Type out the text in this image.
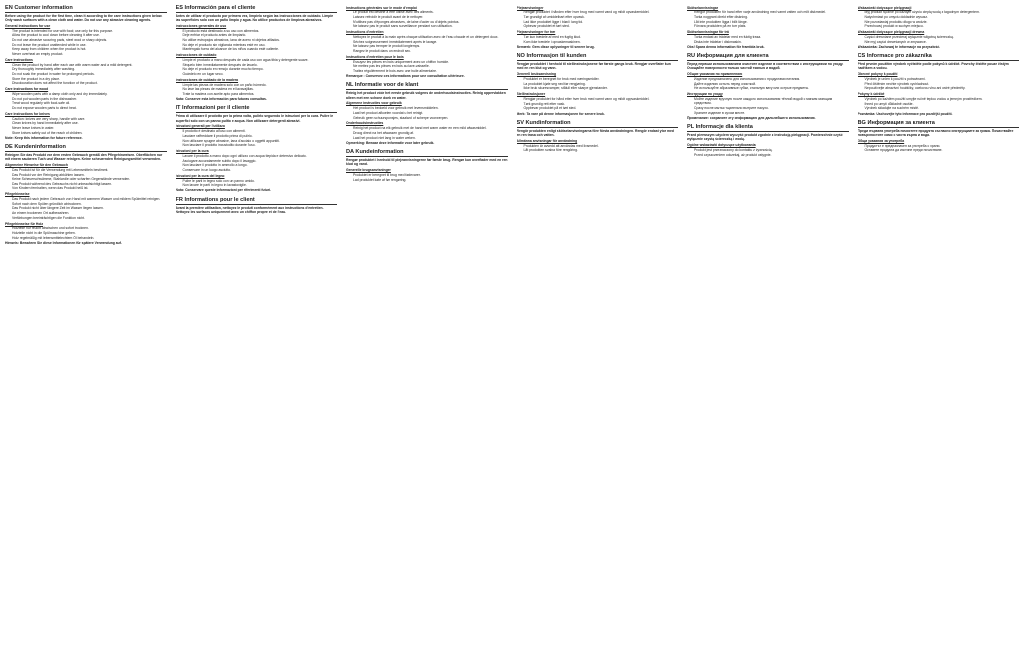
EN Customer information
Before using the product for the first time, clean it according to the care instructions given below. Only wash surfaces with a clean cloth and water. Do not use any abrasive cleaning agents.
General instructions for use
• The product is intended for use with food; use only for this purpose.
• Allow the product to cool down before cleaning it after use.
• Do not use abrasive scouring pads, steel wool or sharp objects.
• Do not leave the product unattended while in use.
• Keep away from children when the product is hot.
• Never overheat an empty product.
Care instructions
• Clean the product by hand after each use with warm water and a mild detergent.
• Dry thoroughly immediately after washing.
• Do not soak the product in water for prolonged periods.
• Store the product in a dry place.
• Discolouration does not affect the function of the product.
Care instructions for wood
• Wipe wooden parts with a damp cloth only and dry immediately.
• Do not put wooden parts in the dishwasher.
• Treat wood regularly with food-safe oil.
• Do not expose wooden parts to direct heat.
Care instructions for knives
• Caution: knives are very sharp, handle with care.
• Clean knives by hand immediately after use.
• Never leave knives in water.
• Store knives safely out of the reach of children.
Note: Keep this information for future reference.
DE Kundeninformation
Reinigen Sie das Produkt vor dem ersten Gebrauch gemäß den Pflegehinweisen. Oberflächen nur mit einem sauberen Tuch und Wasser reinigen. Keine scheuernden Reinigungsmittel verwenden.
Allgemeine Hinweise für den Gebrauch
• Das Produkt ist für die Verwendung mit Lebensmitteln bestimmt.
• Das Produkt vor der Reinigung abkühlen lassen.
• Keine Scheuerschwämme, Stahlwolle oder scharfen Gegenstände verwenden.
• Das Produkt während des Gebrauchs nicht unbeaufsichtigt lassen.
• Von Kindern fernhalten, wenn das Produkt heiß ist.
Pflegehinweise
• Das Produkt nach jedem Gebrauch von Hand mit warmem Wasser und mildem Spülmittel reinigen.
• Sofort nach dem Spülen gründlich abtrocknen.
• Das Produkt nicht über längere Zeit im Wasser liegen lassen.
• An einem trockenen Ort aufbewahren.
• Verfärbungen beeinträchtigen die Funktion nicht.
Pflegehinweise für Holz
• Holzteile nur feucht abwischen und sofort trocknen.
• Holzteile nicht in die Spülmaschine geben.
• Holz regelmäßig mit lebensmittelechtem Öl behandeln.
Hinweis: Bewahren Sie diese Informationen für spätere Verwendung auf.
ES Información para el cliente
Antes de utilizar el producto por primera vez, límpielo según las instrucciones de cuidado. Limpie las superficies solo con un paño limpio y agua. No utilice productos de limpieza abrasivos.
Instrucciones generales de uso
• El producto está destinado a su uso con alimentos.
• Deje enfriar el producto antes de limpiarlo.
• No utilice estropajos abrasivos, lana de acero ni objetos afilados.
• No deje el producto sin vigilancia mientras esté en uso.
• Manténgalo fuera del alcance de los niños cuando esté caliente.
Instrucciones de cuidado
• Limpie el producto a mano después de cada uso con agua tibia y detergente suave.
• Séquelo bien inmediatamente después de lavarlo.
• No deje el producto en remojo durante mucho tiempo.
• Guárdelo en un lugar seco.
Instrucciones de cuidado de la madera
• Limpie las piezas de madera solo con un paño húmedo.
• No lave las piezas de madera en el lavavajillas.
• Trate la madera con aceite apto para alimentos.
Nota: Conserve esta información para futuras consultas.
IT Informazioni per il cliente
Prima di utilizzare il prodotto per la prima volta, pulirlo seguendo le istruzioni per la cura. Pulire le superfici solo con un panno pulito e acqua. Non utilizzare detergenti abrasivi.
Istruzioni generali per l'utilizzo
• Il prodotto è destinato all'uso con alimenti.
• Lasciare raffreddare il prodotto prima di pulirlo.
• Non utilizzare spugne abrasive, lana d'acciaio o oggetti appuntiti.
• Non lasciare il prodotto incustodito durante l'uso.
Istruzioni per la cura
• Lavare il prodotto a mano dopo ogni utilizzo con acqua tiepida e detersivo delicato.
• Asciugare accuratamente subito dopo il lavaggio.
• Non lasciare il prodotto in ammollo a lungo.
• Conservare in un luogo asciutto.
Istruzioni per la cura del legno
• Pulire le parti in legno solo con un panno umido.
• Non lavare le parti in legno in lavastoviglie.
Nota: Conservare queste informazioni per riferimenti futuri.
FR Informations pour le client
Avant la première utilisation, nettoyez le produit conformément aux instructions d'entretien. Nettoyez les surfaces uniquement avec un chiffon propre et de l'eau.
Instructions générales sur le mode d'emploi
• Le produit est destiné à être utilisé avec des aliments.
• Laissez refroidir le produit avant de le nettoyer.
• N'utilisez pas d'éponges abrasives, de laine d'acier ou d'objets pointus.
• Ne laissez pas le produit sans surveillance pendant son utilisation.
Instructions d'entretien
• Nettoyez le produit à la main après chaque utilisation avec de l'eau chaude et un détergent doux.
• Séchez soigneusement immédiatement après le lavage.
• Ne laissez pas tremper le produit longtemps.
• Rangez le produit dans un endroit sec.
Instructions d'entretien pour le bois
• Essuyez les pièces en bois uniquement avec un chiffon humide.
• Ne mettez pas les pièces en bois au lave-vaisselle.
• Traitez régulièrement le bois avec une huile alimentaire.
Remarque : Conservez ces informations pour une consultation ultérieure.
NL Informatie voor de klant
Reinig het product vóór het eerste gebruik volgens de onderhoudsinstructies. Reinig oppervlakken alleen met een schone doek en water.
Algemene instructies voor gebruik
• Het product is bedoeld voor gebruik met levensmiddelen.
• Laat het product afkoelen voordat u het reinigt.
• Gebruik geen schuursponsjes, staalwol of scherpe voorwerpen.
Onderhoudsinstructies
• Reinig het product na elk gebruik met de hand met warm water en een mild afwasmiddel.
• Droog direct na het afwassen grondig af.
• Laat het product niet lang in water weken.
Opmerking: Bewaar deze informatie voor later gebruik.
DA Kundeinformation
Rengør produktet i henhold til plejeanvisningerne før første brug. Rengør kun overflader med en ren klud og vand.
Generelle brugsanvisninger
• Produktet er beregnet til brug med fødevarer.
• Lad produktet køle af før rengøring.
Plejeanvisninger
• Rengør produktet i hånden efter hver brug med varmt vand og mildt opvaskemiddel.
• Tør grundigt af umiddelbart efter opvask.
• Lad ikke produktet ligge i blød i lang tid.
• Opbevar produktet et tørt sted.
Plejeanvisninger for træ
• Tør kun trædele af med en fugtig klud.
• Kom ikke trædele i opvaskemaskinen.
Bemærk: Gem disse oplysninger til senere brug.
NO Informasjon til kunden
Rengjør produktet i henhold til stellinstruksjonene før første gangs bruk. Rengjør overflater kun med en ren klut og vann.
Generell bruksanvisning
• Produktet er beregnet for bruk med næringsmidler.
• La produktet kjøle seg ned før rengjøring.
• Ikke bruk skuresvamper, stålull eller skarpe gjenstander.
Stellinstruksjoner
• Rengjør produktet for hånd etter hver bruk med varmt vann og mildt oppvaskmiddel.
• Tørk grundig rett etter vask.
• Oppbevar produktet på et tørt sted.
Merk: Ta vare på denne informasjonen for senere bruk.
SV Kundinformation
Rengör produkten enligt skötselanvisningarna före första användningen. Rengör endast ytor med en ren trasa och vatten.
Allmänna anvisningar för användning
• Produkten är avsedd att användas med livsmedel.
• Låt produkten svalna före rengöring.
Skötselanvisningar
• Rengör produkten för hand efter varje användning med varmt vatten och milt diskmedel.
• Torka noggrant direkt efter diskning.
• Låt inte produkten ligga i blöt länge.
• Förvara produkten på en torr plats.
Skötselanvisningar för trä
• Torka endast av trädelar med en fuktig trasa.
• Diska inte trädelar i diskmaskin.
Obs! Spara denna information för framtida bruk.
RU Информация для клиента
Перед первым использованием очистите изделие в соответствии с инструкциями по уходу. Очищайте поверхности только чистой тканью и водой.
Общие указания по применению
• Изделие предназначено для использования с продуктами питания.
• Дайте изделию остыть перед очисткой.
• Не используйте абразивные губки, стальную вату или острые предметы.
Инструкции по уходу
• Мойте изделие вручную после каждого использования тёплой водой с мягким моющим средством.
• Сразу после мытья тщательно вытрите насухо.
• Храните изделие в сухом месте.
Примечание: сохраните эту информацию для дальнейшего использования.
PL Informacje dla klienta
Przed pierwszym użyciem wyczyść produkt zgodnie z instrukcją pielęgnacji. Powierzchnie czyść wyłącznie czystą ściereczką i wodą.
Ogólne wskazówki dotyczące użytkowania
• Produkt jest przeznaczony do kontaktu z żywnością.
• Przed czyszczeniem odczekaj, aż produkt ostygnie.
Wskazówki dotyczące pielęgnacji
• Myj produkt ręcznie po każdym użyciu ciepłą wodą z łagodnym detergentem.
• Natychmiast po umyciu dokładnie wysusz.
• Nie pozostawiaj produktu długo w wodzie.
• Przechowuj produkt w suchym miejscu.
Wskazówki dotyczące pielęgnacji drewna
• Części drewniane przecieraj wyłącznie wilgotną ściereczką.
• Nie myj części drewnianych w zmywarce.
Wskazówka: Zachowaj te informacje na przyszłość.
CS Informace pro zákazníka
Před prvním použitím výrobek vyčistěte podle pokynů k údržbě. Povrchy čistěte pouze čistým hadříkem a vodou.
Obecné pokyny k použití
• Výrobek je určen k použití s potravinami.
• Před čištěním nechte výrobek vychladnout.
• Nepoužívejte abrazivní houbičky, ocelovou vlnu ani ostré předměty.
Pokyny k údržbě
• Výrobek po každém použití umyjte ručně teplou vodou a jemným prostředkem.
• Ihned po umytí důkladně osušte.
• Výrobek skladujte na suchém místě.
Poznámka: Uschovejte tyto informace pro pozdější použití.
BG Информация за клиента
Преди първата употреба почистете продукта съгласно инструкциите за грижа. Почиствайте повърхностите само с чиста кърпа и вода.
Общи указания за употреба
• Продуктът е предназначен за употреба с храни.
• Оставете продукта да изстине преди почистване.
